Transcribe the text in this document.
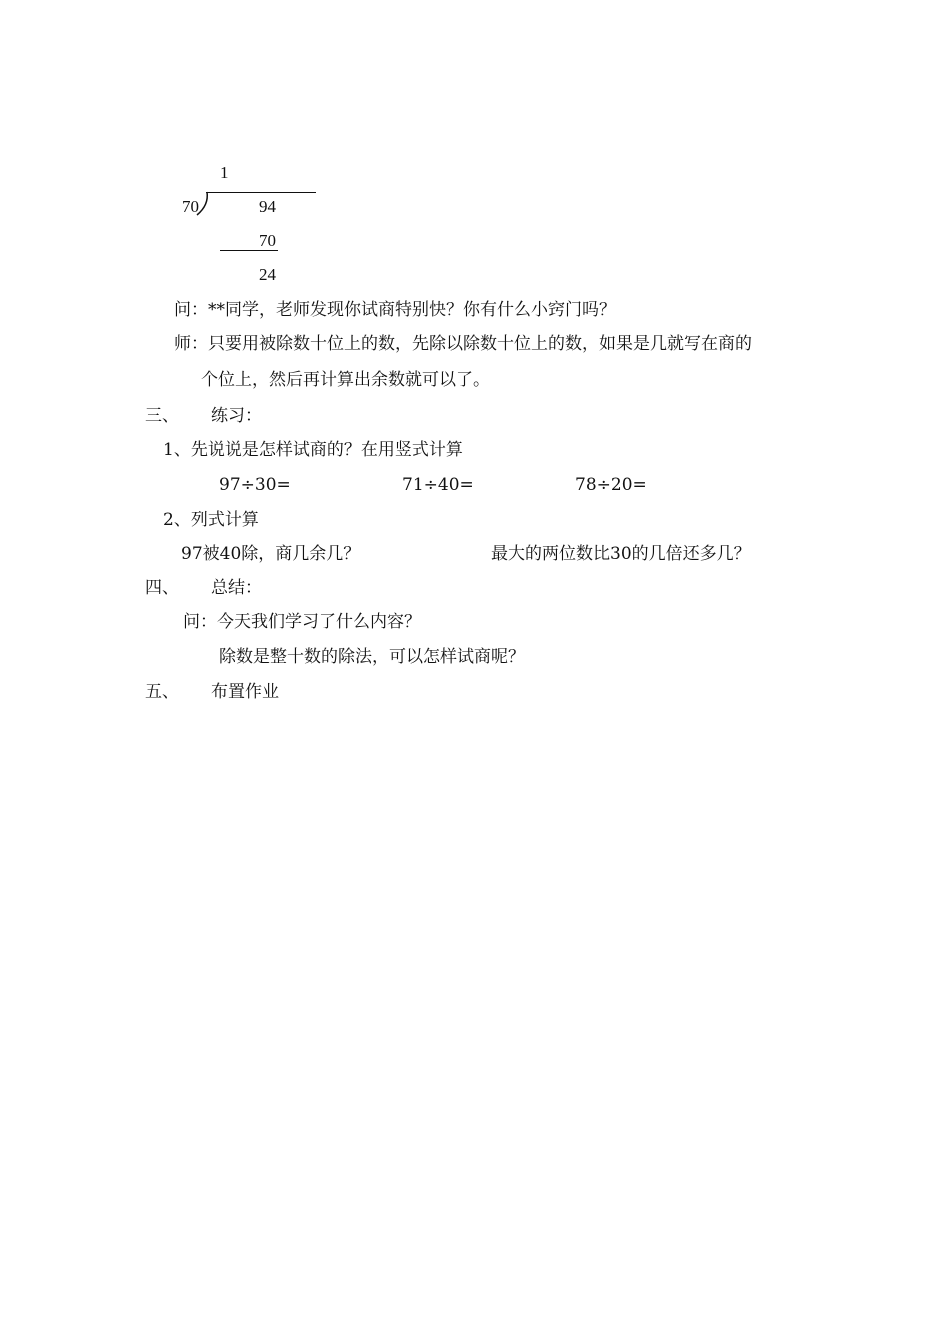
1
70	94
70
24
问：**同学，老师发现你试商特别快？你有什么小窍门吗？
师：只要用被除数十位上的数，先除以除数十位上的数，如果是几就写在商的
个位上，然后再计算出余数就可以了。
三、 练习：
1、先说说是怎样试商的？在用竖式计算
97÷30=	71÷40=	78÷20=
2、列式计算
97被40除，商几余几？	最大的两位数比30的几倍还多几？
四、 总结：
问：今天我们学习了什么内容？
除数是整十数的除法，可以怎样试商呢？
五、 布置作业
